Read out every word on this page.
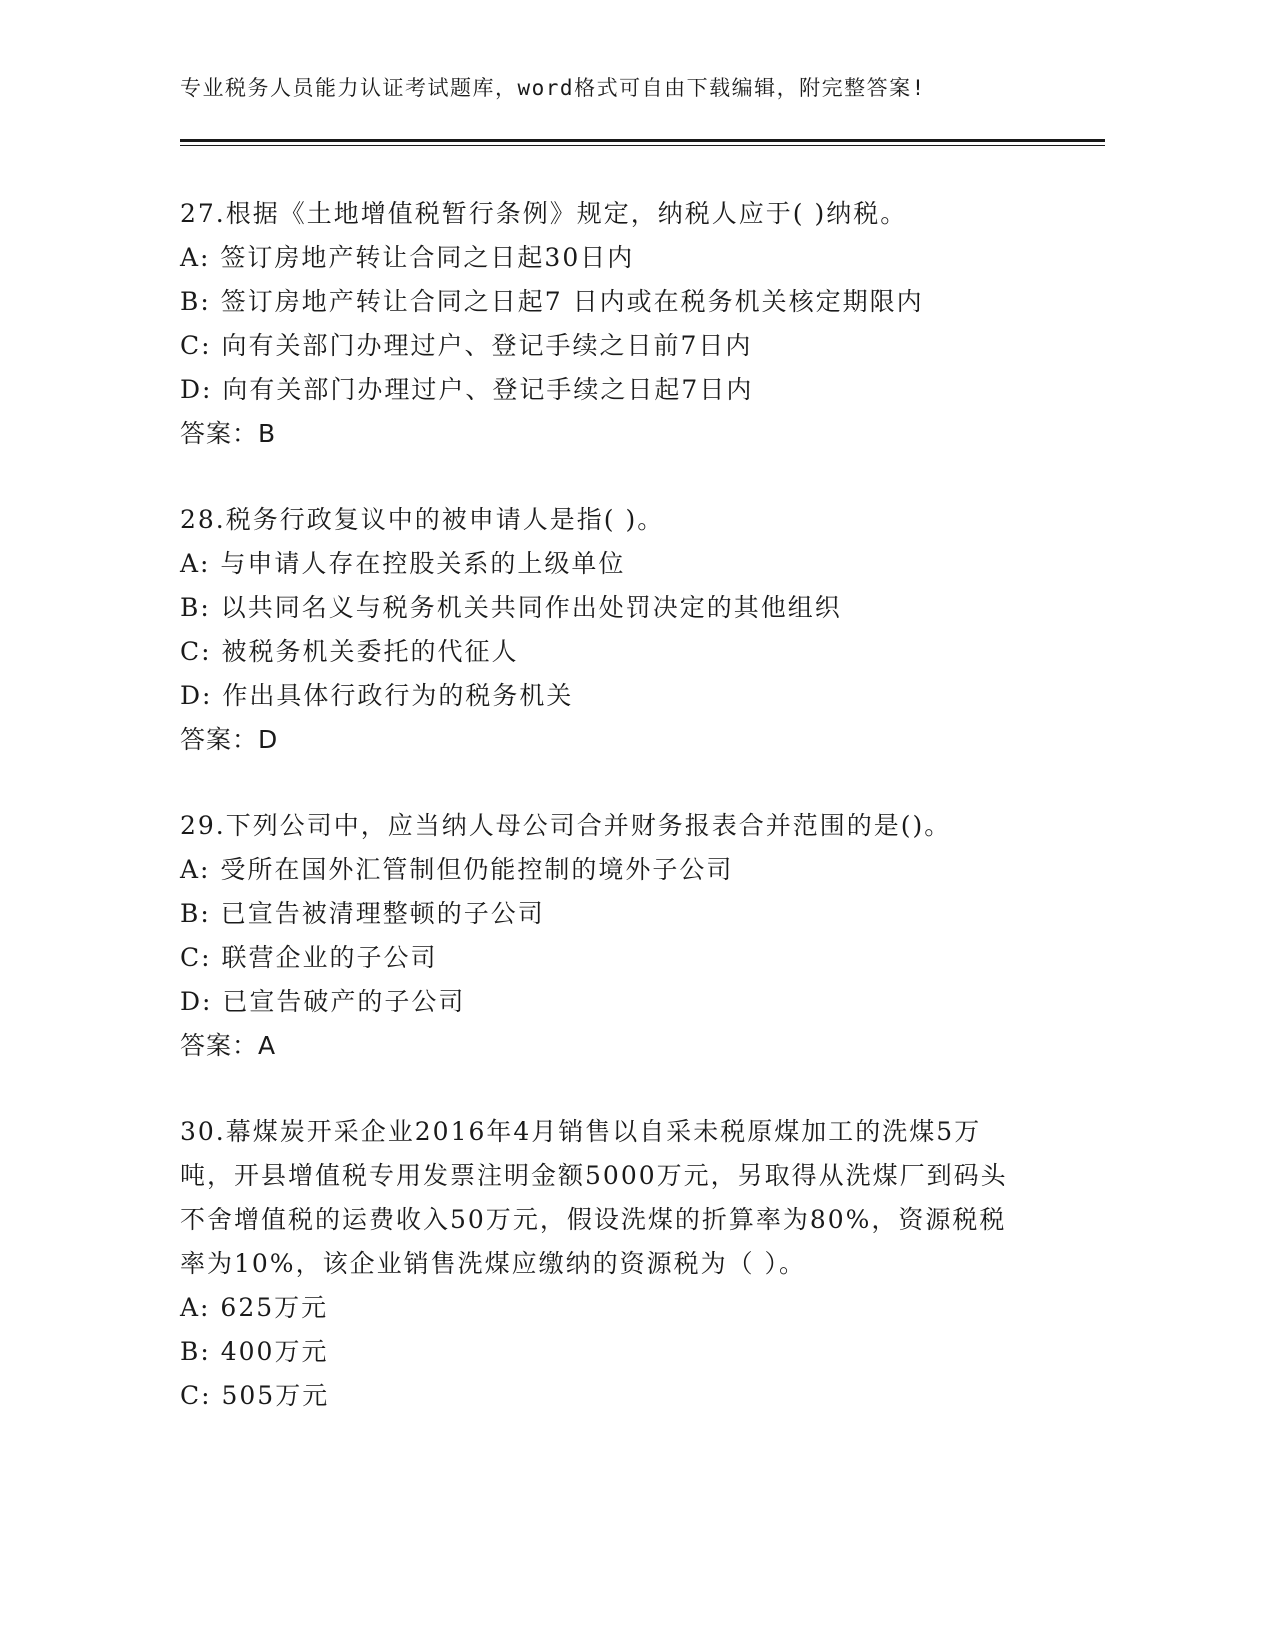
专业税务人员能力认证考试题库，word格式可自由下载编辑，附完整答案!
27.根据《土地增值税暂行条例》规定，纳税人应于( )纳税。
A: 签订房地产转让合同之日起30日内
B: 签订房地产转让合同之日起7 日内或在税务机关核定期限内
C: 向有关部门办理过户、登记手续之日前7日内
D: 向有关部门办理过户、登记手续之日起7日内
答案：B
28.税务行政复议中的被申请人是指( )。
A: 与申请人存在控股关系的上级单位
B: 以共同名义与税务机关共同作出处罚决定的其他组织
C: 被税务机关委托的代征人
D: 作出具体行政行为的税务机关
答案：D
29.下列公司中，应当纳人母公司合并财务报表合并范围的是()。
A: 受所在国外汇管制但仍能控制的境外子公司
B: 已宣告被清理整顿的子公司
C: 联营企业的子公司
D: 已宣告破产的子公司
答案：A
30.幕煤炭开采企业2016年4月销售以自采未税原煤加工的洗煤5万
吨，开县增值税专用发票注明金额5000万元，另取得从洗煤厂到码头
不舍增值税的运费收入50万元，假设洗煤的折算率为80%，资源税税
率为10%，该企业销售洗煤应缴纳的资源税为（ ）。
A: 625万元
B: 400万元
C: 505万元
